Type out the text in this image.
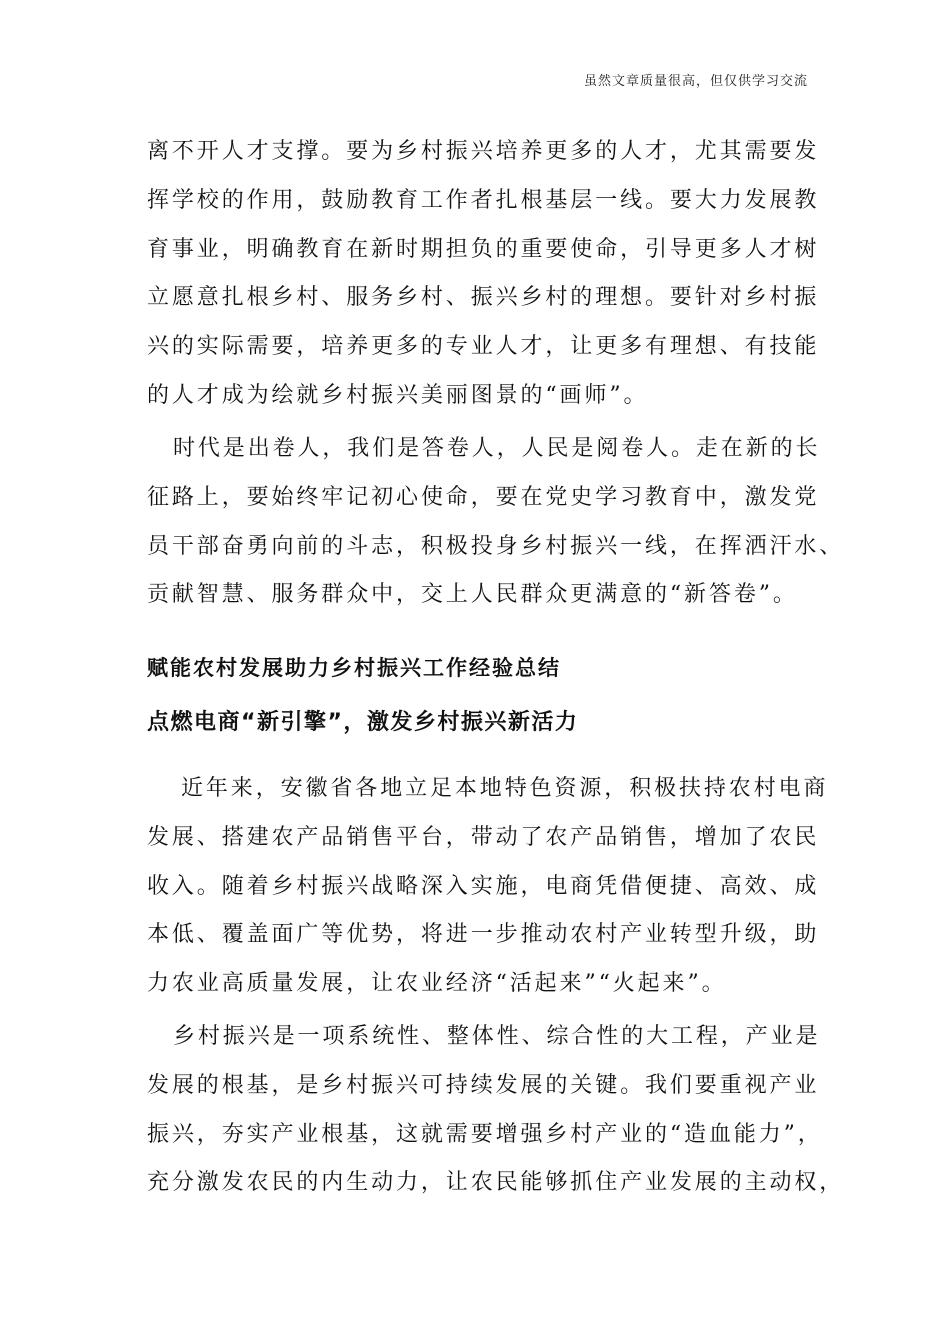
虽然文章质量很高，但仅供学习交流
离不开人才支撑。要为乡村振兴培养更多的人才，尤其需要发
挥学校的作用，鼓励教育工作者扎根基层一线。要大力发展教
育事业，明确教育在新时期担负的重要使命，引导更多人才树
立愿意扎根乡村、服务乡村、振兴乡村的理想。要针对乡村振
兴的实际需要，培养更多的专业人才，让更多有理想、有技能
的人才成为绘就乡村振兴美丽图景的“画师”。
时代是出卷人，我们是答卷人，人民是阅卷人。走在新的长
征路上，要始终牢记初心使命，要在党史学习教育中，激发党
员干部奋勇向前的斗志，积极投身乡村振兴一线，在挥洒汗水、
贡献智慧、服务群众中，交上人民群众更满意的“新答卷”。
赋能农村发展助力乡村振兴工作经验总结
点燃电商“新引擎”，激发乡村振兴新活力
近年来，安徽省各地立足本地特色资源，积极扶持农村电商
发展、搭建农产品销售平台，带动了农产品销售，增加了农民
收入。随着乡村振兴战略深入实施，电商凭借便捷、高效、成
本低、覆盖面广等优势，将进一步推动农村产业转型升级，助
力农业高质量发展，让农业经济“活起来”“火起来”。
乡村振兴是一项系统性、整体性、综合性的大工程，产业是
发展的根基，是乡村振兴可持续发展的关键。我们要重视产业
振兴，夯实产业根基，这就需要增强乡村产业的“造血能力”，
充分激发农民的内生动力，让农民能够抓住产业发展的主动权，
